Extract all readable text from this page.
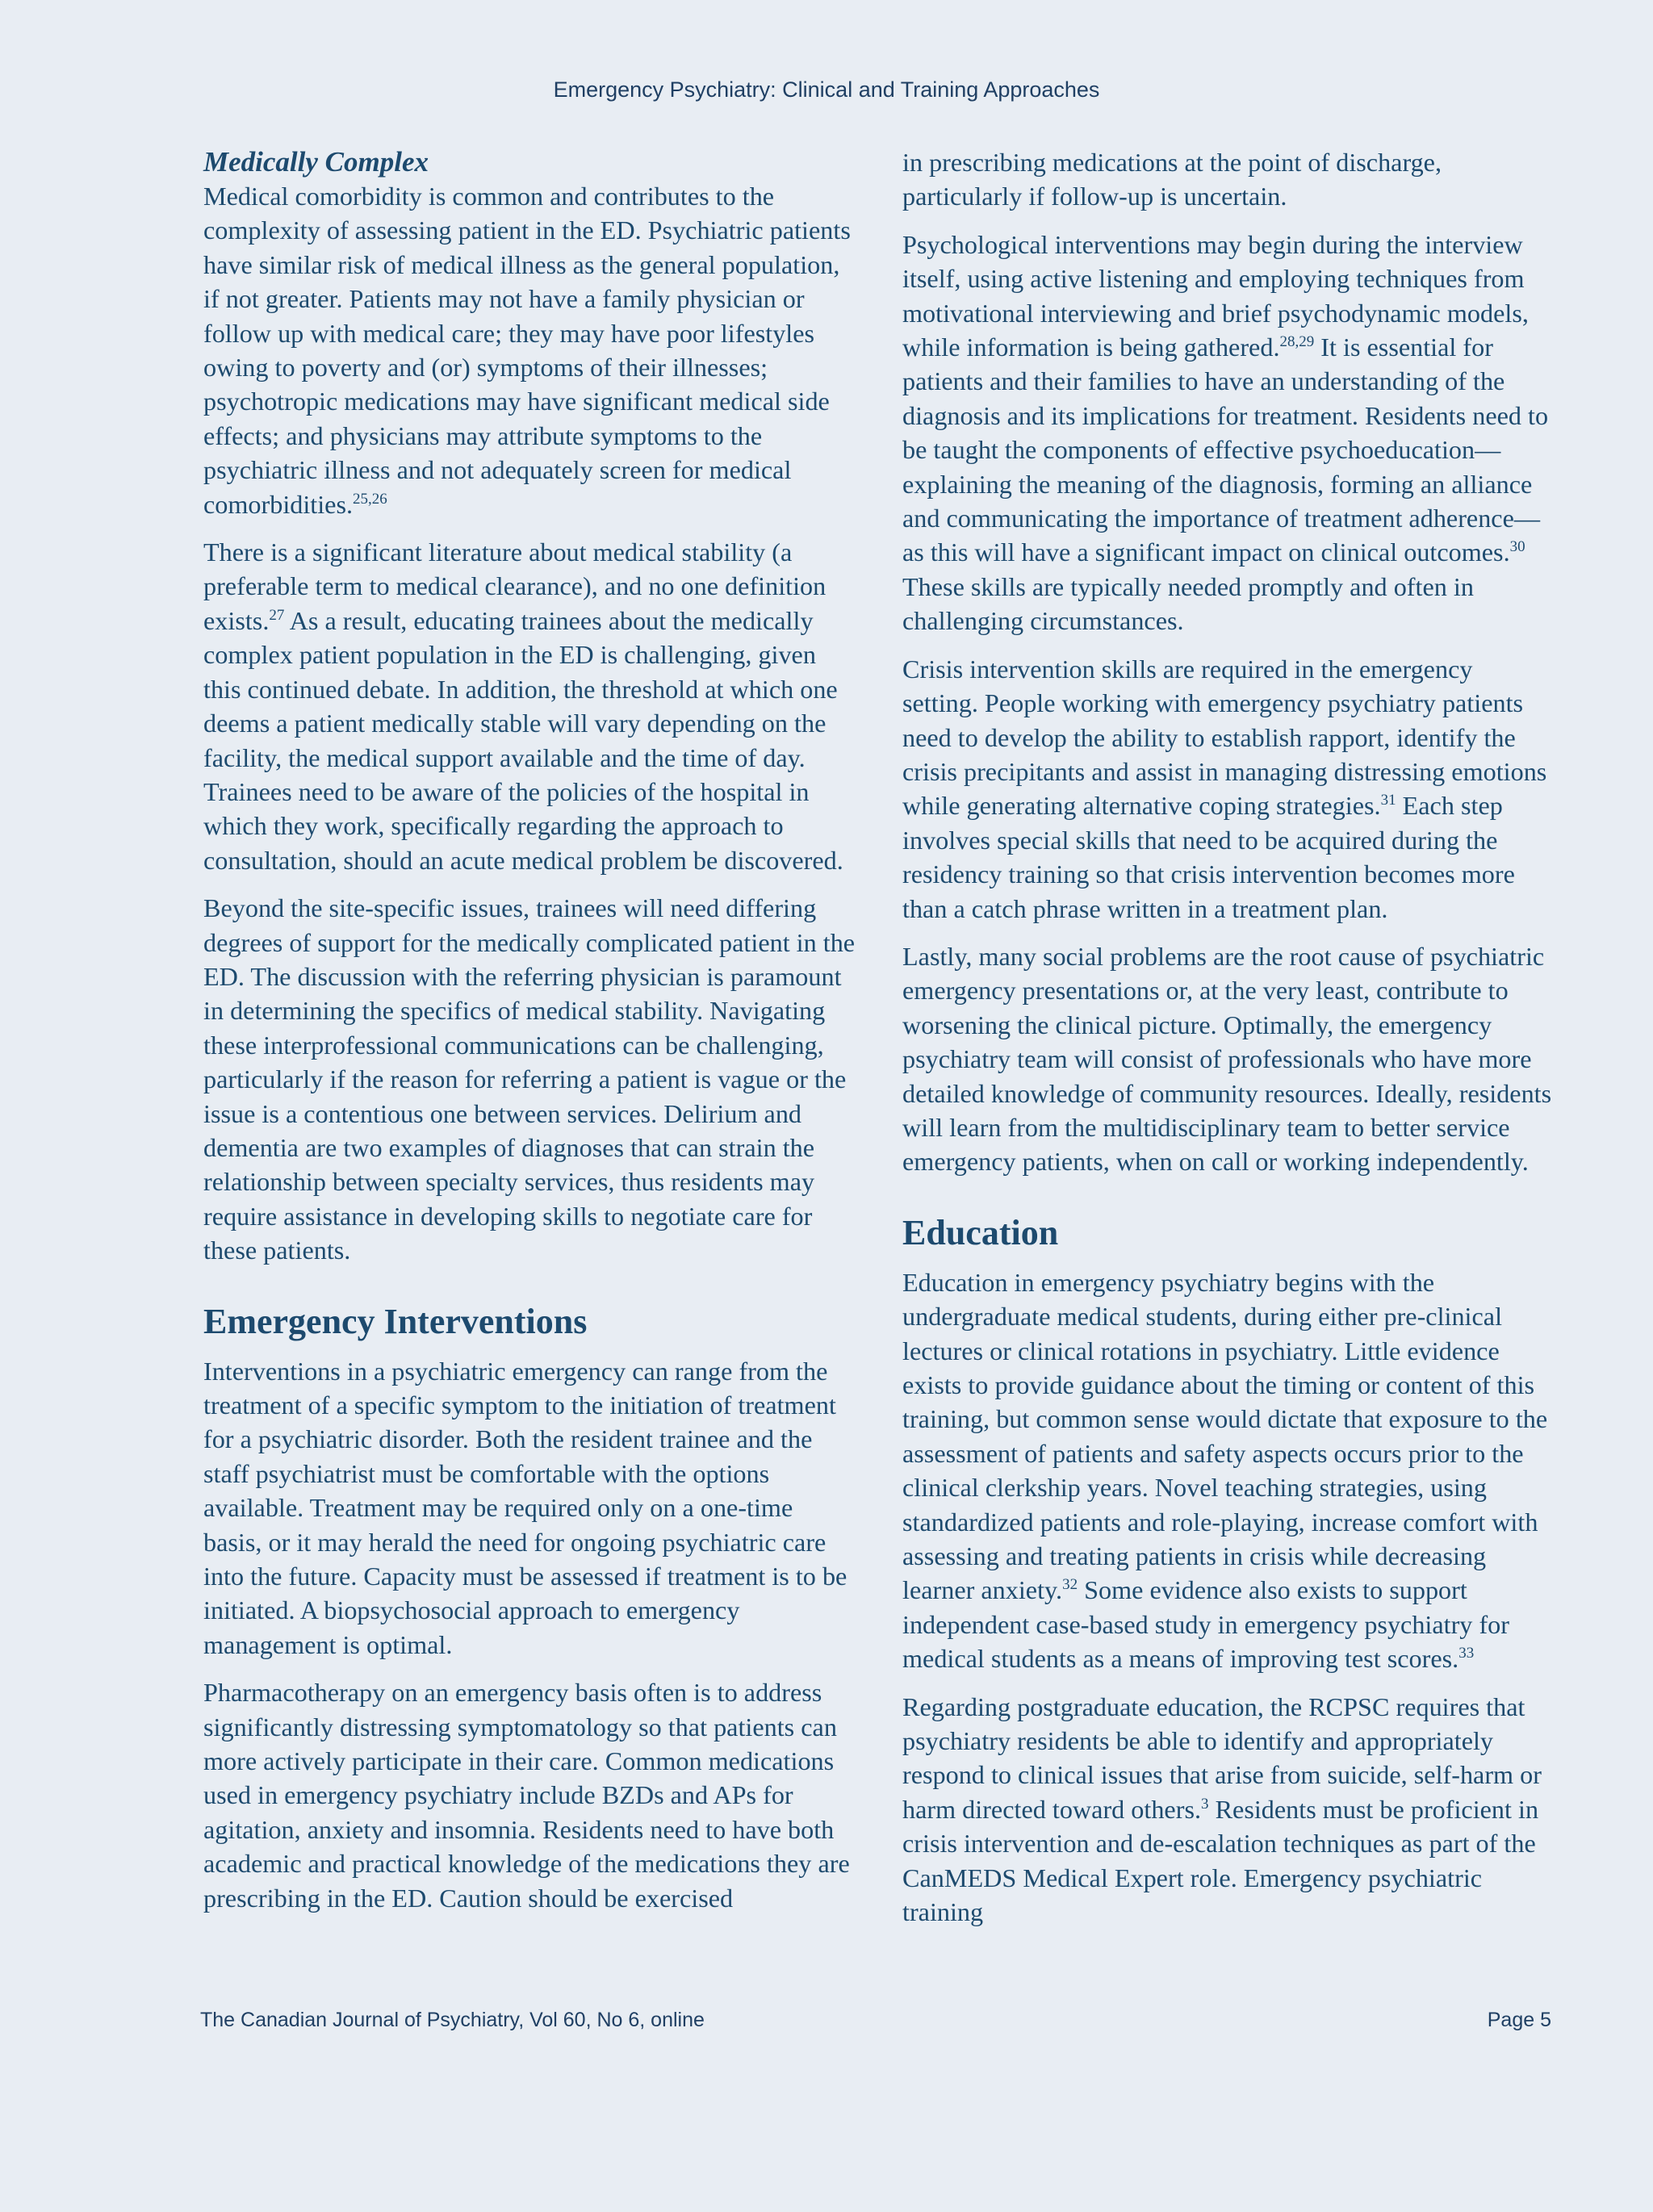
Emergency Psychiatry: Clinical and Training Approaches
Medically Complex

Medical comorbidity is common and contributes to the complexity of assessing patient in the ED. Psychiatric patients have similar risk of medical illness as the general population, if not greater. Patients may not have a family physician or follow up with medical care; they may have poor lifestyles owing to poverty and (or) symptoms of their illnesses; psychotropic medications may have significant medical side effects; and physicians may attribute symptoms to the psychiatric illness and not adequately screen for medical comorbidities.$^{25,26}$

There is a significant literature about medical stability (a preferable term to medical clearance), and no one definition exists.$^{27}$ As a result, educating trainees about the medically complex patient population in the ED is challenging, given this continued debate. In addition, the threshold at which one deems a patient medically stable will vary depending on the facility, the medical support available and the time of day. Trainees need to be aware of the policies of the hospital in which they work, specifically regarding the approach to consultation, should an acute medical problem be discovered.

Beyond the site-specific issues, trainees will need differing degrees of support for the medically complicated patient in the ED. The discussion with the referring physician is paramount in determining the specifics of medical stability. Navigating these interprofessional communications can be challenging, particularly if the reason for referring a patient is vague or the issue is a contentious one between services. Delirium and dementia are two examples of diagnoses that can strain the relationship between specialty services, thus residents may require assistance in developing skills to negotiate care for these patients.

Emergency Interventions

Interventions in a psychiatric emergency can range from the treatment of a specific symptom to the initiation of treatment for a psychiatric disorder. Both the resident trainee and the staff psychiatrist must be comfortable with the options available. Treatment may be required only on a one-time basis, or it may herald the need for ongoing psychiatric care into the future. Capacity must be assessed if treatment is to be initiated. A biopsychosocial approach to emergency management is optimal.

Pharmacotherapy on an emergency basis often is to address significantly distressing symptomatology so that patients can more actively participate in their care. Common medications used in emergency psychiatry include BZDs and APs for agitation, anxiety and insomnia. Residents need to have both academic and practical knowledge of the medications they are prescribing in the ED. Caution should be exercised

in prescribing medications at the point of discharge, particularly if follow-up is uncertain.

Psychological interventions may begin during the interview itself, using active listening and employing techniques from motivational interviewing and brief psychodynamic models, while information is being gathered.$^{28,29}$ It is essential for patients and their families to have an understanding of the diagnosis and its implications for treatment. Residents need to be taught the components of effective psychoeducation—explaining the meaning of the diagnosis, forming an alliance and communicating the importance of treatment adherence—as this will have a significant impact on clinical outcomes.$^{30}$ These skills are typically needed promptly and often in challenging circumstances.

Crisis intervention skills are required in the emergency setting. People working with emergency psychiatry patients need to develop the ability to establish rapport, identify the crisis precipitants and assist in managing distressing emotions while generating alternative coping strategies.$^{31}$ Each step involves special skills that need to be acquired during the residency training so that crisis intervention becomes more than a catch phrase written in a treatment plan.

Lastly, many social problems are the root cause of psychiatric emergency presentations or, at the very least, contribute to worsening the clinical picture. Optimally, the emergency psychiatry team will consist of professionals who have more detailed knowledge of community resources. Ideally, residents will learn from the multidisciplinary team to better service emergency patients, when on call or working independently.

Education

Education in emergency psychiatry begins with the undergraduate medical students, during either pre-clinical lectures or clinical rotations in psychiatry. Little evidence exists to provide guidance about the timing or content of this training, but common sense would dictate that exposure to the assessment of patients and safety aspects occurs prior to the clinical clerkship years. Novel teaching strategies, using standardized patients and role-playing, increase comfort with assessing and treating patients in crisis while decreasing learner anxiety.$^{32}$ Some evidence also exists to support independent case-based study in emergency psychiatry for medical students as a means of improving test scores.$^{33}$

Regarding postgraduate education, the RCPSC requires that psychiatry residents be able to identify and appropriately respond to clinical issues that arise from suicide, self-harm or harm directed toward others.$^3$ Residents must be proficient in crisis intervention and de-escalation techniques as part of the CanMEDS Medical Expert role. Emergency psychiatric training

The Canadian Journal of Psychiatry, Vol 60, No 6, online	Page 5
